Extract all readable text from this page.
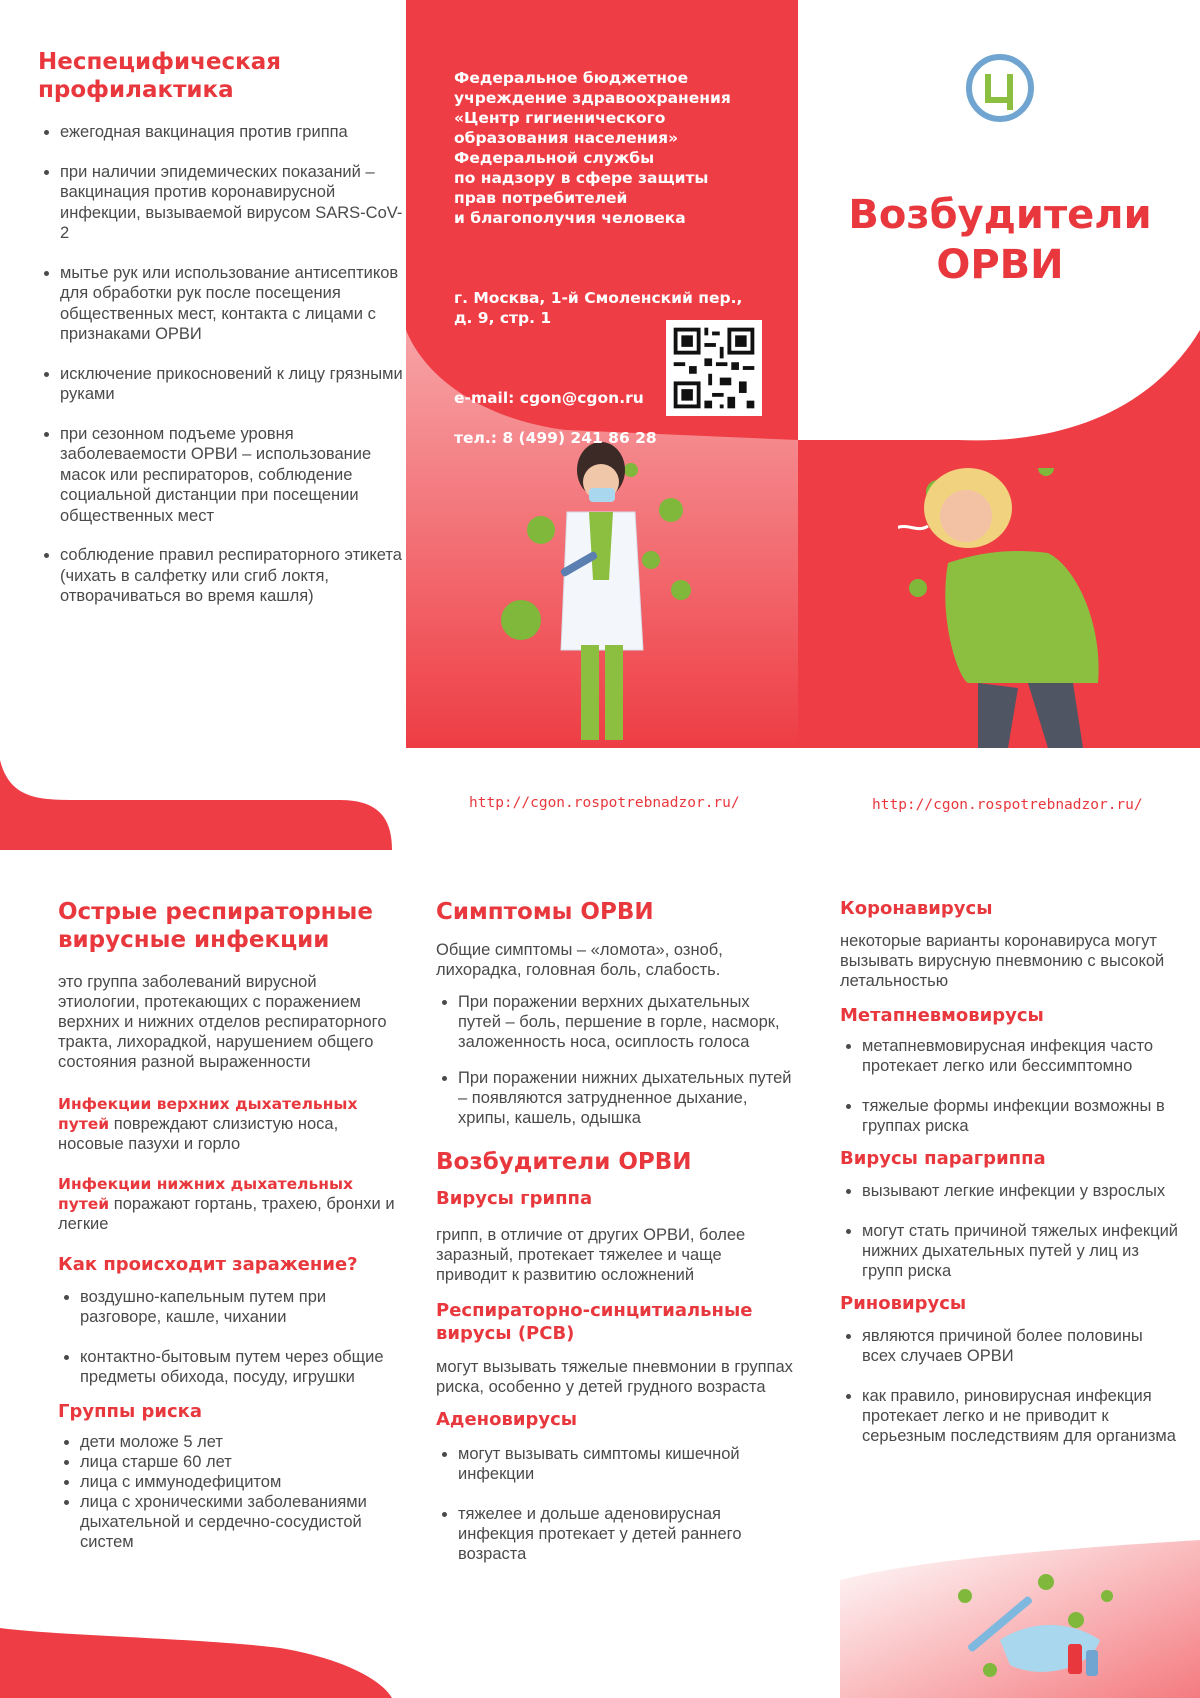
Неспецифическая профилактика
• ежегодная вакцинация против гриппа
• при наличии эпидемических показаний – вакцинация против коронавирусной инфекции, вызываемой вирусом SARS-CoV-2
• мытье рук или использование антисептиков для обработки рук после посещения общественных мест, контакта с лицами с признаками ОРВИ
• исключение прикосновений к лицу грязными руками
• при сезонном подъеме уровня заболеваемости ОРВИ – использование масок или респираторов, соблюдение социальной дистанции при посещении общественных мест
• соблюдение правил респираторного этикета (чихать в салфетку или сгиб локтя, отворачиваться во время кашля)

Федеральное бюджетное
учреждение здравоохранения
«Центр гигиенического
образования населения»
Федеральной службы
по надзору в сфере защиты
прав потребителей
и благополучия человека

г. Москва, 1-й Смоленский пер.,
д. 9, стр. 1

e-mail: cgon@cgon.ru

тел.: 8 (499) 241 86 28

Возбудители
ОРВИ
http://cgon.rospotrebnadzor.ru/	http://cgon.rospotrebnadzor.ru/
Острые респираторные вирусные инфекции
это группа заболеваний вирусной этиологии, протекающих с поражением верхних и нижних отделов респираторного тракта, лихорадкой, нарушением общего состояния разной выраженности
Инфекции верхних дыхательных путей повреждают слизистую носа, носовые пазухи и горло
Инфекции нижних дыхательных путей поражают гортань, трахею, бронхи и легкие
Как происходит заражение?
• воздушно-капельным путем при разговоре, кашле, чихании
• контактно-бытовым путем через общие предметы обихода, посуду, игрушки
Группы риска
• дети моложе 5 лет
• лица старше 60 лет
• лица с иммунодефицитом
• лица с хроническими заболеваниями дыхательной и сердечно-сосудистой систем
Симптомы ОРВИ
Общие симптомы – «ломота», озноб, лихорадка, головная боль, слабость.
• При поражении верхних дыхательных путей – боль, першение в горле, насморк, заложенность носа, осиплость голоса
• При поражении нижних дыхательных путей – появляются затрудненное дыхание, хрипы, кашель, одышка
Возбудители ОРВИ
Вирусы гриппа
грипп, в отличие от других ОРВИ, более заразный, протекает тяжелее и чаще приводит к развитию осложнений
Респираторно-синцитиальные вирусы (РСВ)
могут вызывать тяжелые пневмонии в группах риска, особенно у детей грудного возраста
Аденовирусы
• могут вызывать симптомы кишечной инфекции
• тяжелее и дольше аденовирусная инфекция протекает у детей раннего возраста
Коронавирусы
некоторые варианты коронавируса могут вызывать вирусную пневмонию с высокой летальностью
Метапневмовирусы
• метапневмовирусная инфекция часто протекает легко или бессимптомно
• тяжелые формы инфекции возможны в группах риска
Вирусы парагриппа
• вызывают легкие инфекции у взрослых
• могут стать причиной тяжелых инфекций нижних дыхательных путей у лиц из групп риска
Риновирусы
• являются причиной более половины всех случаев ОРВИ
• как правило, риновирусная инфекция протекает легко и не приводит к серьезным последствиям для организма
